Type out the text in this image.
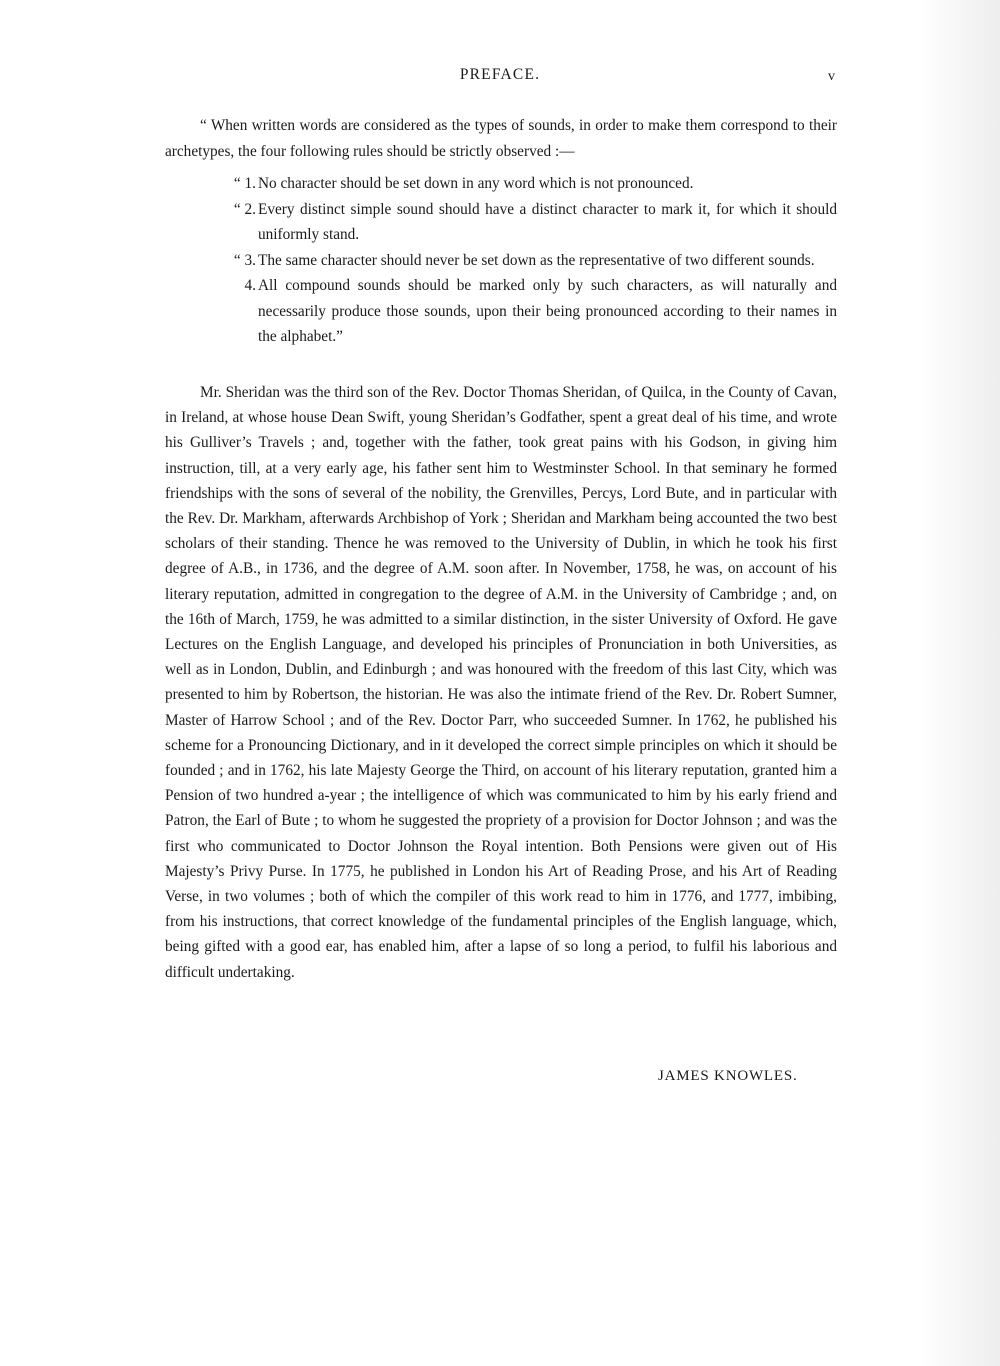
PREFACE.	v

“ When written words are considered as the types of sounds, in order to make them correspond to their archetypes, the four following rules should be strictly observed :—

“ 1. No character should be set down in any word which is not pronounced.
“ 2. Every distinct simple sound should have a distinct character to mark it, for which it should uniformly stand.
“ 3. The same character should never be set down as the representative of two different sounds.
4. All compound sounds should be marked only by such characters, as will naturally and necessarily produce those sounds, upon their being pronounced according to their names in the alphabet.”

Mr. Sheridan was the third son of the Rev. Doctor Thomas Sheridan, of Quilca, in the County of Cavan, in Ireland, at whose house Dean Swift, young Sheridan’s Godfather, spent a great deal of his time, and wrote his Gulliver’s Travels ; and, together with the father, took great pains with his Godson, in giving him instruction, till, at a very early age, his father sent him to Westminster School. In that seminary he formed friendships with the sons of several of the nobility, the Grenvilles, Percys, Lord Bute, and in particular with the Rev. Dr. Markham, afterwards Archbishop of York ; Sheridan and Markham being accounted the two best scholars of their standing. Thence he was removed to the University of Dublin, in which he took his first degree of A.B., in 1736, and the degree of A.M. soon after. In November, 1758, he was, on account of his literary reputation, admitted in congregation to the degree of A.M. in the University of Cambridge ; and, on the 16th of March, 1759, he was admitted to a similar distinction, in the sister University of Oxford. He gave Lectures on the English Language, and developed his principles of Pronunciation in both Universities, as well as in London, Dublin, and Edinburgh ; and was honoured with the freedom of this last City, which was presented to him by Robertson, the historian. He was also the intimate friend of the Rev. Dr. Robert Sumner, Master of Harrow School ; and of the Rev. Doctor Parr, who succeeded Sumner. In 1762, he published his scheme for a Pronouncing Dictionary, and in it developed the correct simple principles on which it should be founded ; and in 1762, his late Majesty George the Third, on account of his literary reputation, granted him a Pension of two hundred a-year ; the intelligence of which was communicated to him by his early friend and Patron, the Earl of Bute ; to whom he suggested the propriety of a provision for Doctor Johnson ; and was the first who communicated to Doctor Johnson the Royal intention. Both Pensions were given out of His Majesty’s Privy Purse. In 1775, he published in London his Art of Reading Prose, and his Art of Reading Verse, in two volumes ; both of which the compiler of this work read to him in 1776, and 1777, imbibing, from his instructions, that correct knowledge of the fundamental principles of the English language, which, being gifted with a good ear, has enabled him, after a lapse of so long a period, to fulfil his laborious and difficult undertaking.

JAMES KNOWLES.
